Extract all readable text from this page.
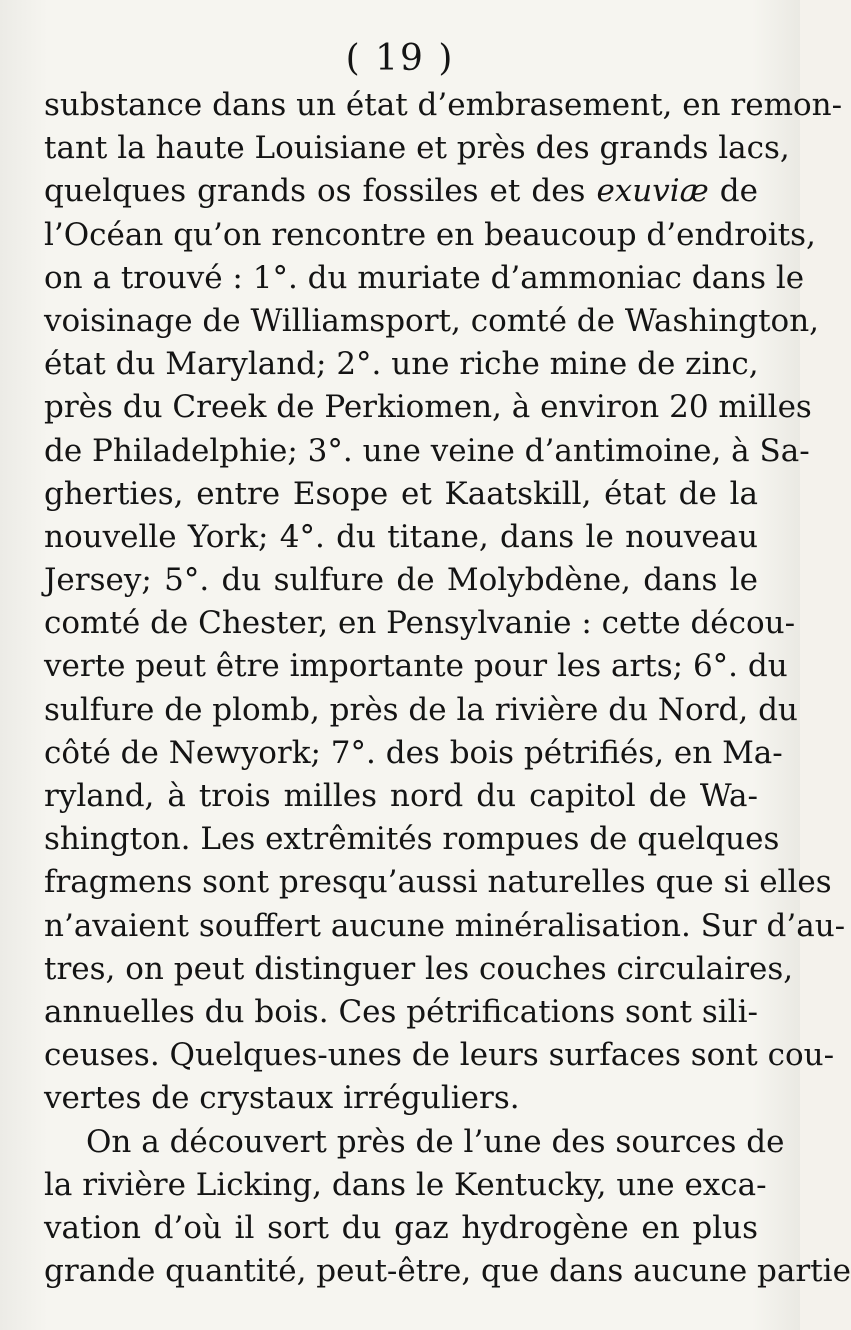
( 19 )
substance dans un état d’embrasement, en remon-
tant la haute Louisiane et près des grands lacs,
quelques grands os fossiles et des exuviæ de
l’Océan qu’on rencontre en beaucoup d’endroits,
on a trouvé : 1°. du muriate d’ammoniac dans le
voisinage de Williamsport, comté de Washington,
état du Maryland; 2°. une riche mine de zinc,
près du Creek de Perkiomen, à environ 20 milles
de Philadelphie; 3°. une veine d’antimoine, à Sa-
gherties, entre Esope et Kaatskill, état de la
nouvelle York; 4°. du titane, dans le nouveau
Jersey; 5°. du sulfure de Molybdène, dans le
comté de Chester, en Pensylvanie : cette décou-
verte peut être importante pour les arts; 6°. du
sulfure de plomb, près de la rivière du Nord, du
côté de Newyork; 7°. des bois pétrifiés, en Ma-
ryland, à trois milles nord du capitol de Wa-
shington. Les extrêmités rompues de quelques
fragmens sont presqu’aussi naturelles que si elles
n’avaient souffert aucune minéralisation. Sur d’au-
tres, on peut distinguer les couches circulaires,
annuelles du bois. Ces pétrifications sont sili-
ceuses. Quelques-unes de leurs surfaces sont cou-
vertes de crystaux irréguliers.
On a découvert près de l’une des sources de
la rivière Licking, dans le Kentucky, une exca-
vation d’où il sort du gaz hydrogène en plus
grande quantité, peut-être, que dans aucune partie
